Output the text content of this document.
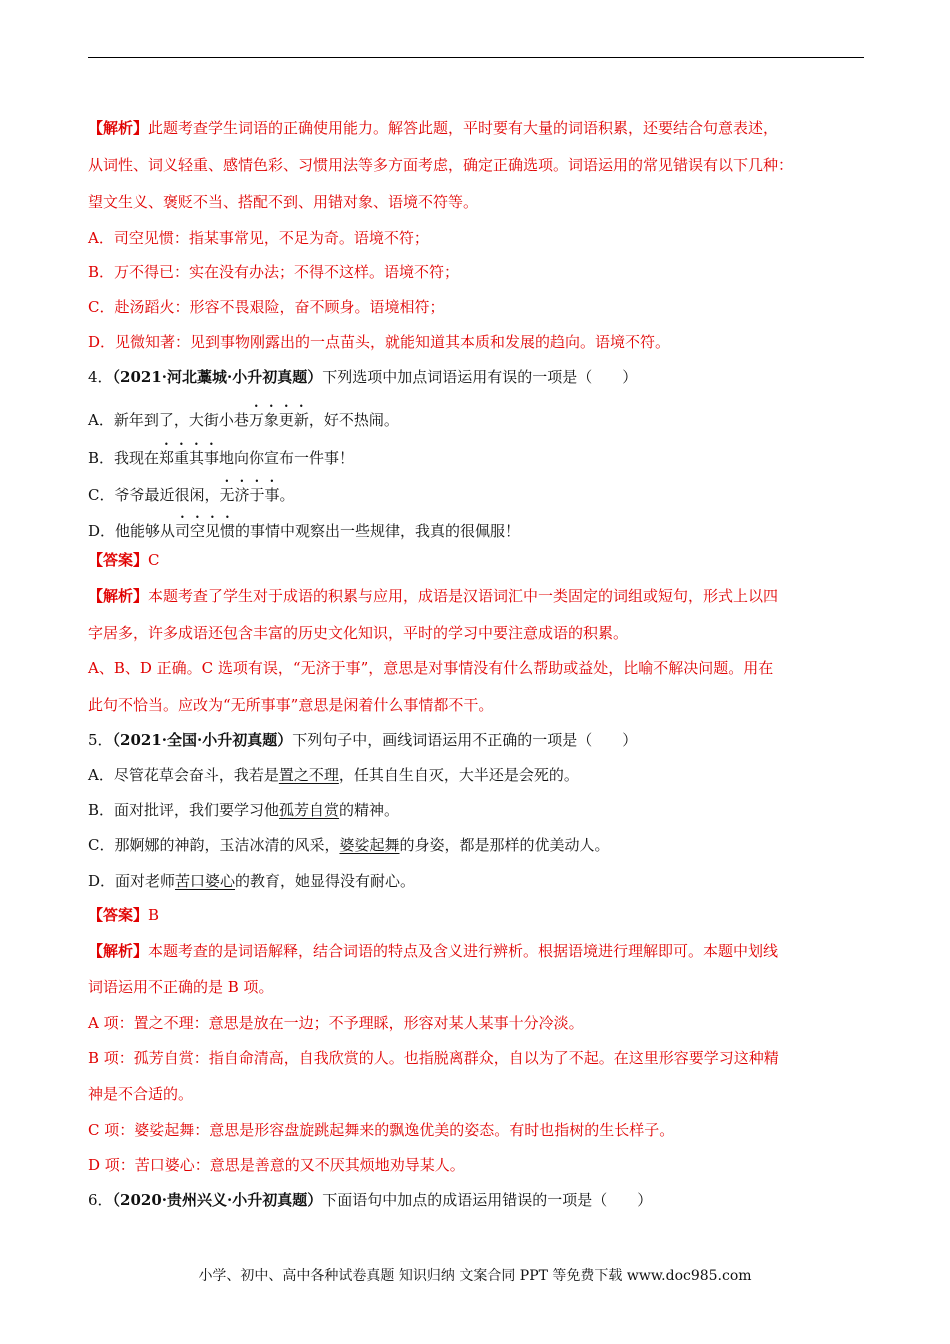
【解析】此题考查学生词语的正确使用能力。解答此题，平时要有大量的词语积累，还要结合句意表述，
从词性、词义轻重、感情色彩、习惯用法等多方面考虑，确定正确选项。词语运用的常见错误有以下几种：
望文生义、褒贬不当、搭配不到、用错对象、语境不符等。
A．司空见惯：指某事常见，不足为奇。语境不符；
B．万不得已：实在没有办法；不得不这样。语境不符；
C．赴汤蹈火：形容不畏艰险，奋不顾身。语境相符；
D．见微知著：见到事物刚露出的一点苗头，就能知道其本质和发展的趋向。语境不符。
4．（2021·河北藁城·小升初真题）下列选项中加点词语运用有误的一项是（　　）
A．新年到了，大街小巷万象更新，好不热闹。
B．我现在郑重其事地向你宣布一件事！
C．爷爷最近很闲，无济于事。
D．他能够从司空见惯的事情中观察出一些规律，我真的很佩服！
【答案】C
【解析】本题考查了学生对于成语的积累与应用，成语是汉语词汇中一类固定的词组或短句，形式上以四
字居多，许多成语还包含丰富的历史文化知识，平时的学习中要注意成语的积累。
A、B、D 正确。C 选项有误，“无济于事”，意思是对事情没有什么帮助或益处，比喻不解决问题。用在
此句不恰当。应改为“无所事事”意思是闲着什么事情都不干。
5．（2021·全国·小升初真题）下列句子中，画线词语运用不正确的一项是（　　）
A．尽管花草会奋斗，我若是置之不理，任其自生自灭，大半还是会死的。
B．面对批评，我们要学习他孤芳自赏的精神。
C．那婀娜的神韵，玉洁冰清的风采，婆娑起舞的身姿，都是那样的优美动人。
D．面对老师苦口婆心的教育，她显得没有耐心。
【答案】B
【解析】本题考查的是词语解释，结合词语的特点及含义进行辨析。根据语境进行理解即可。本题中划线
词语运用不正确的是 B 项。
A 项：置之不理：意思是放在一边；不予理睬，形容对某人某事十分冷淡。
B 项：孤芳自赏：指自命清高，自我欣赏的人。也指脱离群众，自以为了不起。在这里形容要学习这种精
神是不合适的。
C 项：婆娑起舞：意思是形容盘旋跳起舞来的飘逸优美的姿态。有时也指树的生长样子。
D 项：苦口婆心：意思是善意的又不厌其烦地劝导某人。
6．（2020·贵州兴义·小升初真题）下面语句中加点的成语运用错误的一项是（　　）
小学、初中、高中各种试卷真题 知识归纳 文案合同 PPT 等免费下载 www.doc985.com
